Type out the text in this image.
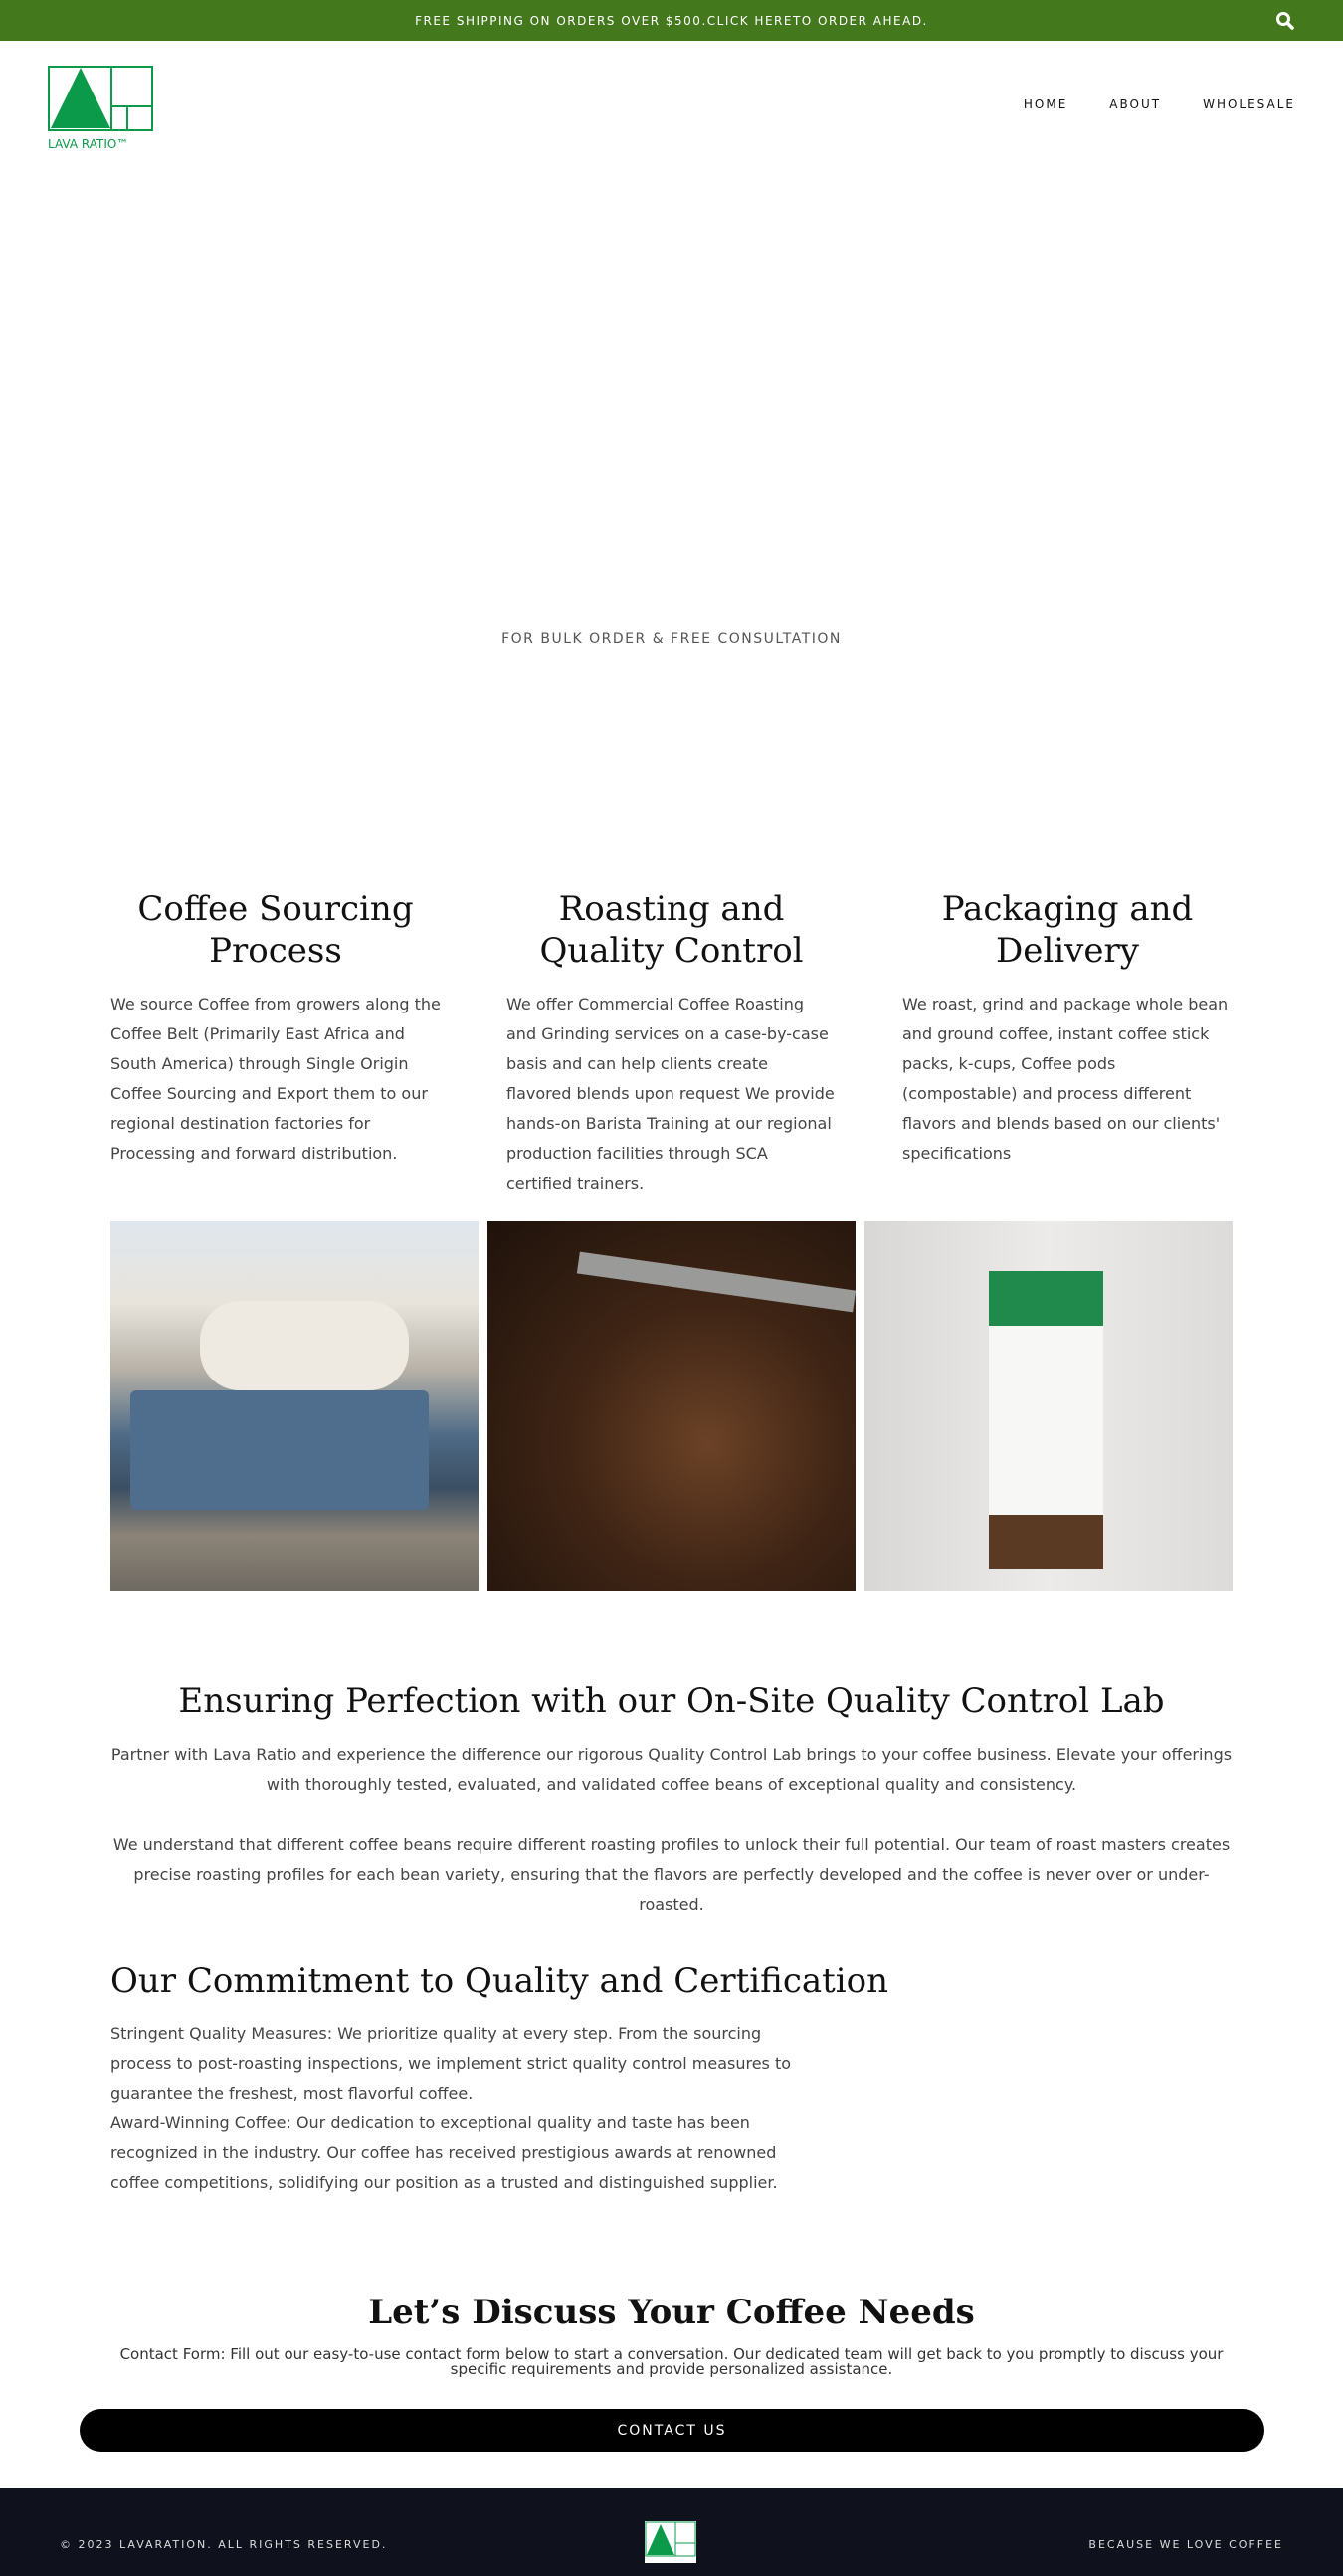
FREE SHIPPING ON ORDERS OVER $500.CLICK HERETO ORDER AHEAD.
LAVA RATIO™
HOME	ABOUT	WHOLESALE
FOR BULK ORDER & FREE CONSULTATION
Coffee Sourcing Process

We source Coffee from growers along the Coffee Belt (Primarily East Africa and South America) through Single Origin Coffee Sourcing and Export them to our regional destination factories for Processing and forward distribution.

Roasting and Quality Control

We offer Commercial Coffee Roasting and Grinding services on a case-by-case basis and can help clients create flavored blends upon request We provide hands-on Barista Training at our regional production facilities through SCA certified trainers.

Packaging and Delivery

We roast, grind and package whole bean and ground coffee, instant coffee stick packs, k-cups, Coffee pods (compostable) and process different flavors and blends based on our clients' specifications

Ensuring Perfection with our On-Site Quality Control Lab

Partner with Lava Ratio and experience the difference our rigorous Quality Control Lab brings to your coffee business. Elevate your offerings with thoroughly tested, evaluated, and validated coffee beans of exceptional quality and consistency.

We understand that different coffee beans require different roasting profiles to unlock their full potential. Our team of roast masters creates precise roasting profiles for each bean variety, ensuring that the flavors are perfectly developed and the coffee is never over or under-roasted.

Our Commitment to Quality and Certification

Stringent Quality Measures: We prioritize quality at every step. From the sourcing process to post-roasting inspections, we implement strict quality control measures to guarantee the freshest, most flavorful coffee.

Award-Winning Coffee: Our dedication to exceptional quality and taste has been recognized in the industry. Our coffee has received prestigious awards at renowned coffee competitions, solidifying our position as a trusted and distinguished supplier.

Let’s Discuss Your Coffee Needs

Contact Form: Fill out our easy-to-use contact form below to start a conversation. Our dedicated team will get back to you promptly to discuss your specific requirements and provide personalized assistance.

CONTACT US
© 2023 LAVARATION. ALL RIGHTS RESERVED.	BECAUSE WE LOVE COFFEE
